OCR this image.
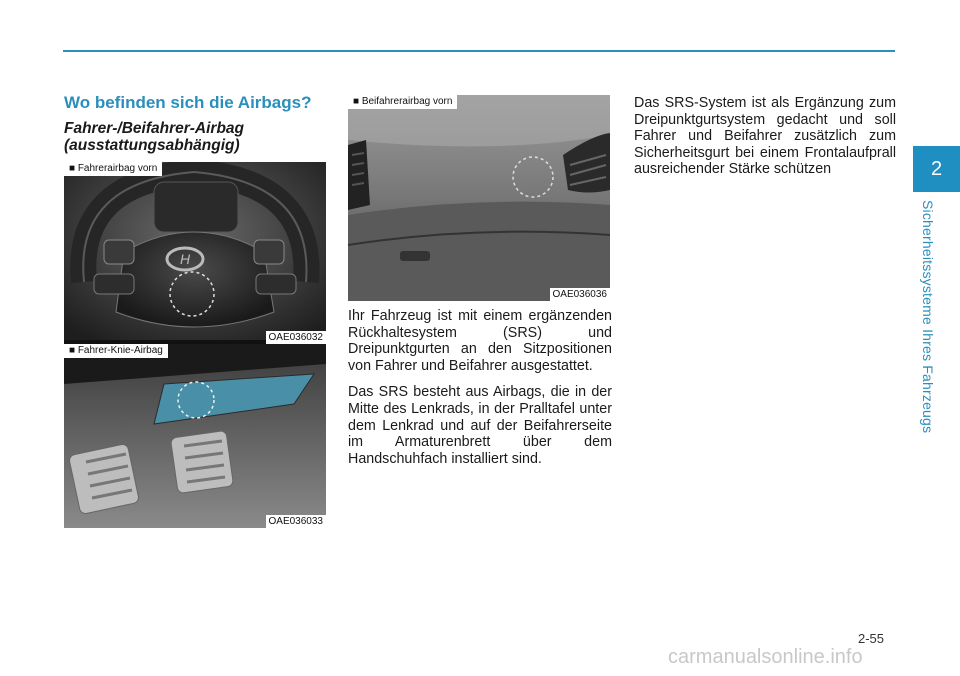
2
Sicherheitssysteme Ihres Fahrzeugs
Wo befinden sich die Airbags?
Fahrer-/Beifahrer-Airbag (ausstattungsabhängig)
H
■ Fahrerairbag vorn
OAE036032
■ Fahrer-Knie-Airbag
OAE036033
■ Beifahrerairbag vorn
OAE036036

Ihr Fahrzeug ist mit einem ergänzenden Rückhaltesystem (SRS) und Dreipunktgurten an den Sitzpositionen von Fahrer und Beifahrer ausgestattet.

Das SRS besteht aus Airbags, die in der Mitte des Lenkrads, in der Pralltafel unter dem Lenkrad und auf der Beifahrerseite im Armaturenbrett über dem Handschuhfach installiert sind.

Das SRS-System ist als Ergänzung zum Dreipunktgurtsystem gedacht und soll Fahrer und Beifahrer zusätzlich zum Sicherheitsgurt bei einem Frontalaufprall ausreichender Stärke schützen

2-55
carmanualsonline.info
